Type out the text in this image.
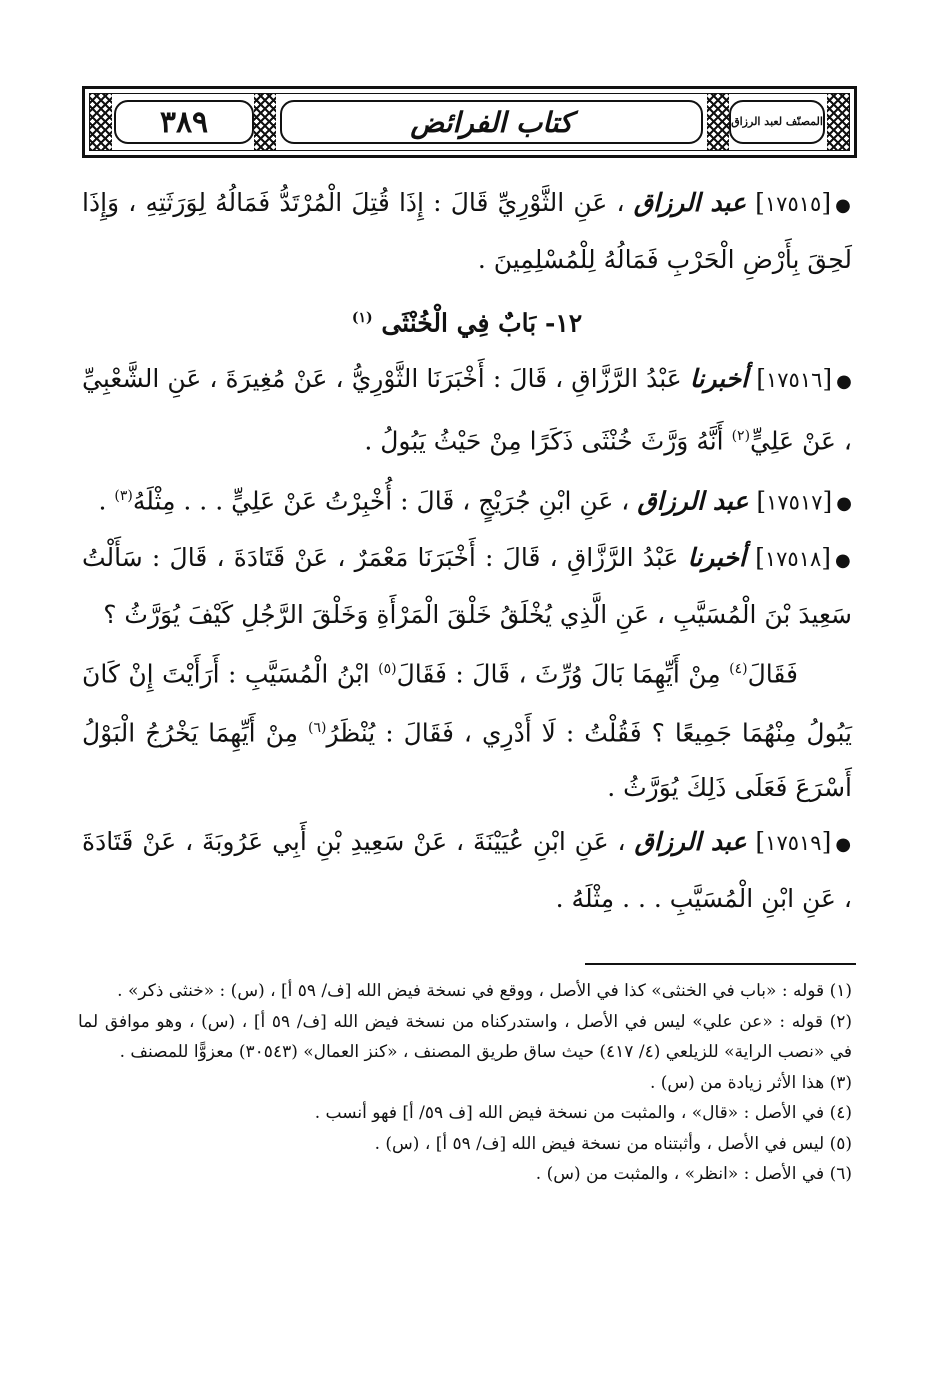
٣٨٩	كتاب الفرائض	المصنّف لعبد الرزاق

●[١٧٥١٥] عبد الرزاق ، عَنِ الثَّوْرِيِّ قَالَ : إِذَا قُتِلَ الْمُرْتَدُّ فَمَالُهُ لِوَرَثَتِهِ ، وَإِذَا لَحِقَ بِأَرْضِ الْحَرْبِ فَمَالُهُ لِلْمُسْلِمِينَ .

١٢- بَابٌ فِي الْخُنْثَى $^{(١)}$

●[١٧٥١٦] أخبرنا عَبْدُ الرَّزَّاقِ ، قَالَ : أَخْبَرَنَا الثَّوْرِيُّ ، عَنْ مُغِيرَةَ ، عَنِ الشَّعْبِيِّ ، عَنْ عَلِيٍّ$^{(٢)}$ أَنَّهُ وَرَّثَ خُنْثَى ذَكَرًا مِنْ حَيْثُ يَبُولُ .

●[١٧٥١٧] عبد الرزاق ، عَنِ ابْنِ جُرَيْجٍ ، قَالَ : أُخْبِرْتُ عَنْ عَلِيٍّ . . . مِثْلَهُ$^{(٣)}$ .

●[١٧٥١٨] أخبرنا عَبْدُ الرَّزَّاقِ ، قَالَ : أَخْبَرَنَا مَعْمَرٌ ، عَنْ قَتَادَةَ ، قَالَ : سَأَلْتُ سَعِيدَ بْنَ الْمُسَيَّبِ ، عَنِ الَّذِي يُخْلَقُ خَلْقَ الْمَرْأَةِ وَخَلْقَ الرَّجُلِ كَيْفَ يُوَرَّثُ ؟

فَقَالَ$^{(٤)}$ مِنْ أَيِّهِمَا بَالَ وُرِّثَ ، قَالَ : فَقَالَ$^{(٥)}$ ابْنُ الْمُسَيَّبِ : أَرَأَيْتَ إِنْ كَانَ يَبُولُ مِنْهُمَا جَمِيعًا ؟ فَقُلْتُ : لَا أَدْرِي ، فَقَالَ : يُنْظَرُ$^{(٦)}$ مِنْ أَيِّهِمَا يَخْرُجُ الْبَوْلُ أَسْرَعَ فَعَلَى ذَلِكَ يُوَرَّثُ .

●[١٧٥١٩] عبد الرزاق ، عَنِ ابْنِ عُيَيْنَةَ ، عَنْ سَعِيدِ بْنِ أَبِي عَرُوبَةَ ، عَنْ قَتَادَةَ ، عَنِ ابْنِ الْمُسَيَّبِ . . . مِثْلَهُ .

(١) قوله : «باب في الخنثى» كذا في الأصل ، ووقع في نسخة فيض الله [ف/ ٥٩ أ] ، (س) : «خنثى ذكر» .

(٢) قوله : «عن علي» ليس في الأصل ، واستدركناه من نسخة فيض الله [ف/ ٥٩ أ] ، (س) ، وهو موافق لما في «نصب الراية» للزيلعي (٤/ ٤١٧) حيث ساق طريق المصنف ، «كنز العمال» (٣٠٥٤٣) معزوًّا للمصنف .

(٣) هذا الأثر زيادة من (س) .

(٤) في الأصل : «قال» ، والمثبت من نسخة فيض الله [ف ٥٩/ أ] فهو أنسب .

(٥) ليس في الأصل ، وأثبتناه من نسخة فيض الله [ف/ ٥٩ أ] ، (س) .

(٦) في الأصل : «انظر» ، والمثبت من (س) .
